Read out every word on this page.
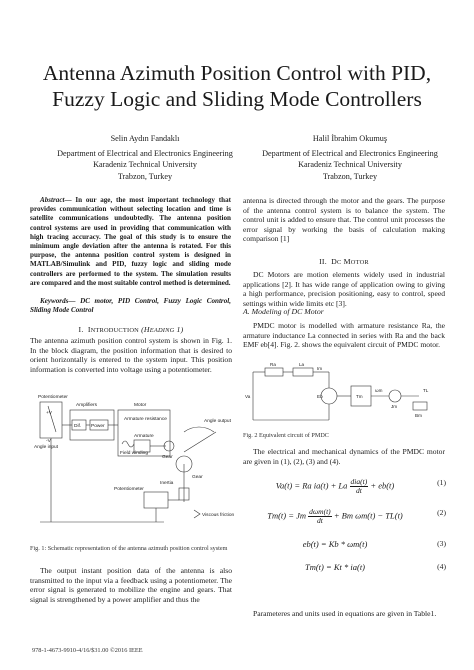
Antenna Azimuth Position Control with PID, Fuzzy Logic and Sliding Mode Controllers
Selin Aydın Fandaklı
Department of Electrical and Electronics Engineering
Karadeniz Technical University
Trabzon, Turkey
Halil İbrahim Okumuş
Department of Electrical and Electronics Engineering
Karadeniz Technical University
Trabzon, Turkey
Abstract— In our age, the most important technology that provides communication without selecting location and time is satellite communications undoubtedly. The antenna position control systems are used in providing that communication with high tracing accuracy. The goal of this study is to ensure the minimum angle deviation after the antenna is rotated. For this purpose, the antenna position control system is designed in MATLAB/Simulink and PID, fuzzy logic and sliding mode controllers are performed to the system. The simulation results are compared and the most suitable control method is determined.
Keywords— DC motor, PID Control, Fuzzy Logic Control, Sliding Mode Control
I. INTRODUCTION (HEADING 1)
The antenna azimuth position control system is shown in Fig. 1. In the block diagram, the position information that is desired to orient horizontally is entered to the system input. This position information is converted into voltage using a potentiometer.
Potentiometer
Amplifiers	Motor
Angle input
Dif. Power
Armature resistance
Armature
Field winding
Gear
Gear
Inertia
Potentiometer
Viscous friction
Angle output
+V
-V
Fig. 1: Schematic representation of the antenna azimuth position control system
The output instant position data of the antenna is also transmitted to the input via a feedback using a potentiometer. The error signal is generated to mobilize the engine and gears. That signal is strengthened by a power amplifier and thus the
antenna is directed through the motor and the gears. The purpose of the antenna control system is to balance the system. The control unit is added to ensure that. The control unit processes the error signal by working the basis of calculation making comparison [1]
II. DC MOTOR
DC Motors are motion elements widely used in industrial applications [2]. It has wide range of application owing to giving a high performance, precision positioning, easy to control, speed settings within wide limits etc [3].
A. Modeling of DC Motor
PMDC motor is modelled with armature resistance Ra, the armature inductance La connected in series with Ra and the back EMF eb[4]. Fig. 2. shows the equivalent circuit of PMDC motor.
Ra	La
Im
Va	Eb
ωm
Tm
Jm
Bm
TL
Fig. 2 Equivalent circuit of PMDC
The electrical and mechanical dynamics of the PMDC motor are given in (1), (2), (3) and (4).
Va(t) = Ra ia(t) + La $\frac{\text{dia(t)}}{dt} + eb(t)$	(1)
Tm(t) = Jm $\frac{\text{dωm(t)}}{dt} + Bm$ ωm(t) − TL(t)	(2)
eb(t) = Kb * ωm(t)	(3)
Tm(t) = Kt * ia(t)	(4)
Parameteres and units used in equations are given in Table1.
978-1-4673-9910-4/16/$31.00 ©2016 IEEE
